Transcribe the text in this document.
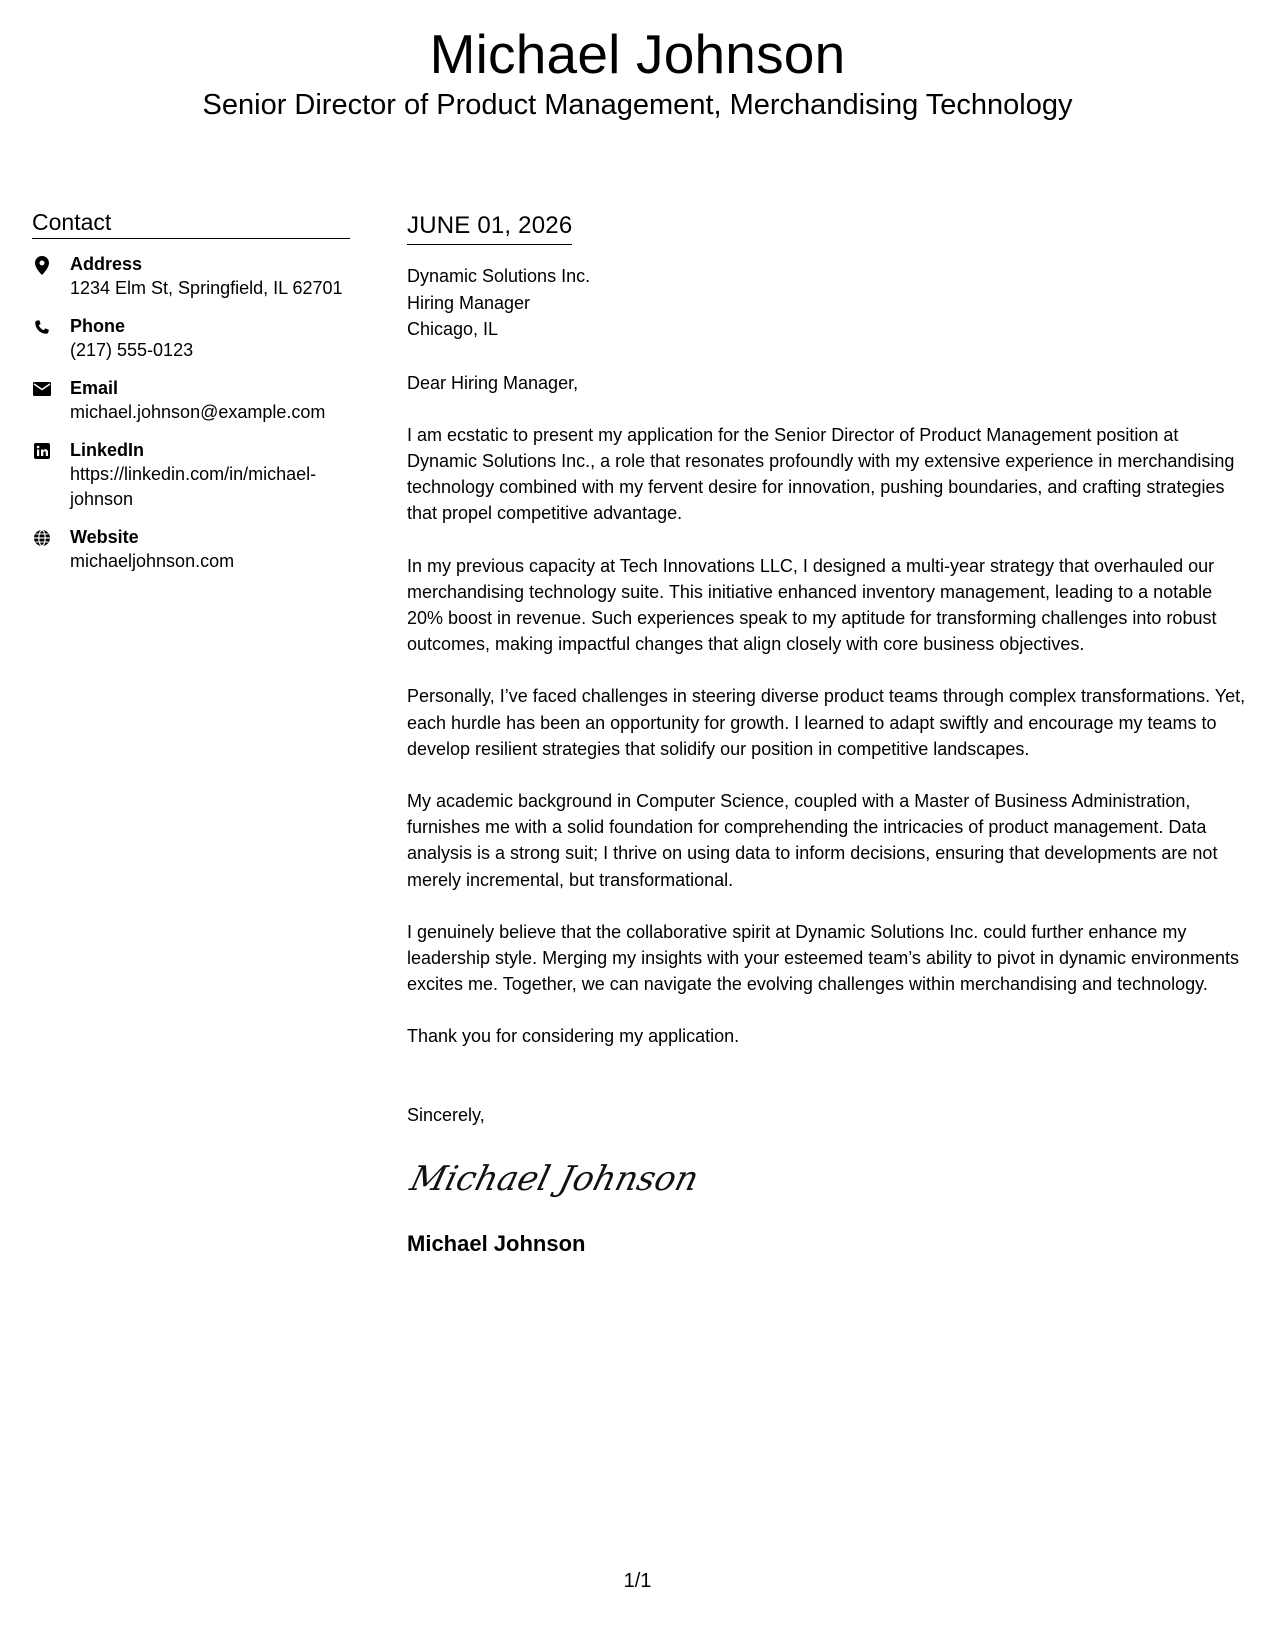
Michael Johnson
Senior Director of Product Management, Merchandising Technology
Contact
Address
1234 Elm St, Springfield, IL 62701
Phone
(217) 555-0123
Email
michael.johnson@example.com
LinkedIn
https://linkedin.com/in/michael-johnson
Website
michaeljohnson.com
JUNE 01, 2026
Dynamic Solutions Inc.
Hiring Manager
Chicago, IL

Dear Hiring Manager,

I am ecstatic to present my application for the Senior Director of Product Management position at Dynamic Solutions Inc., a role that resonates profoundly with my extensive experience in merchandising technology combined with my fervent desire for innovation, pushing boundaries, and crafting strategies that propel competitive advantage.

In my previous capacity at Tech Innovations LLC, I designed a multi-year strategy that overhauled our merchandising technology suite. This initiative enhanced inventory management, leading to a notable 20% boost in revenue. Such experiences speak to my aptitude for transforming challenges into robust outcomes, making impactful changes that align closely with core business objectives.

Personally, I’ve faced challenges in steering diverse product teams through complex transformations. Yet, each hurdle has been an opportunity for growth. I learned to adapt swiftly and encourage my teams to develop resilient strategies that solidify our position in competitive landscapes.

My academic background in Computer Science, coupled with a Master of Business Administration, furnishes me with a solid foundation for comprehending the intricacies of product management. Data analysis is a strong suit; I thrive on using data to inform decisions, ensuring that developments are not merely incremental, but transformational.

I genuinely believe that the collaborative spirit at Dynamic Solutions Inc. could further enhance my leadership style. Merging my insights with your esteemed team’s ability to pivot in dynamic environments excites me. Together, we can navigate the evolving challenges within merchandising and technology.

Thank you for considering my application.

Sincerely,
Michael Johnson
Michael Johnson
1/1
